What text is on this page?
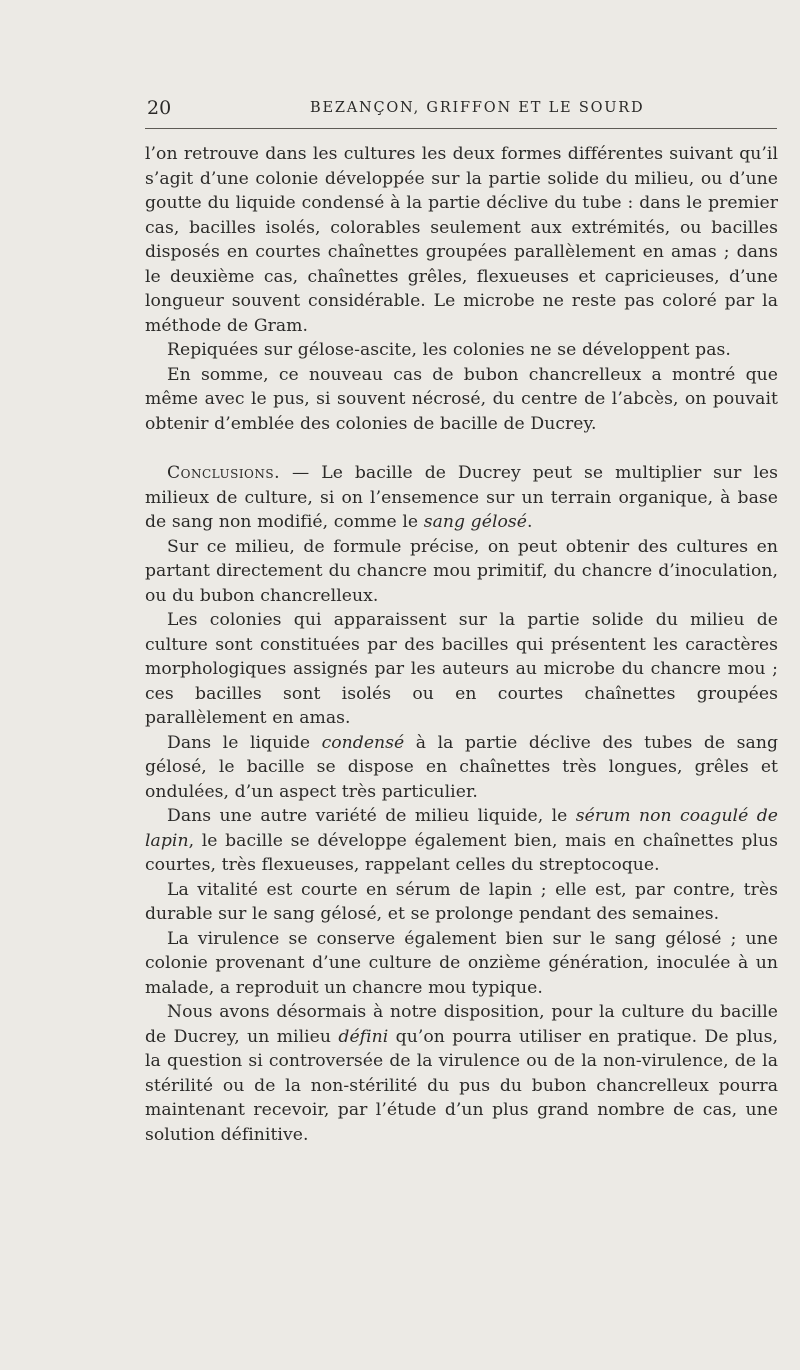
20	BEZANÇON, GRIFFON ET LE SOURD

l’on retrouve dans les cultures les deux formes différentes suivant qu’il s’agit d’une colonie développée sur la partie solide du milieu, ou d’une goutte du liquide condensé à la partie déclive du tube : dans le premier cas, bacilles isolés, colorables seulement aux extrémités, ou bacilles disposés en courtes chaînettes groupées parallèlement en amas ; dans le deuxième cas, chaînettes grêles, flexueuses et capricieuses, d’une longueur souvent considérable. Le microbe ne reste pas coloré par la méthode de Gram.

Repiquées sur gélose-ascite, les colonies ne se développent pas.

En somme, ce nouveau cas de bubon chancrelleux a montré que même avec le pus, si souvent nécrosé, du centre de l’abcès, on pouvait obtenir d’emblée des colonies de bacille de Ducrey.

Conclusions. — Le bacille de Ducrey peut se multiplier sur les milieux de culture, si on l’ensemence sur un terrain organique, à base de sang non modifié, comme le sang gélosé.

Sur ce milieu, de formule précise, on peut obtenir des cultures en partant directement du chancre mou primitif, du chancre d’inoculation, ou du bubon chancrelleux.

Les colonies qui apparaissent sur la partie solide du milieu de culture sont constituées par des bacilles qui présentent les caractères morphologiques assignés par les auteurs au microbe du chancre mou ; ces bacilles sont isolés ou en courtes chaînettes groupées parallèlement en amas.

Dans le liquide condensé à la partie déclive des tubes de sang gélosé, le bacille se dispose en chaînettes très longues, grêles et ondulées, d’un aspect très particulier.

Dans une autre variété de milieu liquide, le sérum non coagulé de lapin, le bacille se développe également bien, mais en chaînettes plus courtes, très flexueuses, rappelant celles du streptocoque.

La vitalité est courte en sérum de lapin ; elle est, par contre, très durable sur le sang gélosé, et se prolonge pendant des semaines.

La virulence se conserve également bien sur le sang gélosé ; une colonie provenant d’une culture de onzième génération, inoculée à un malade, a reproduit un chancre mou typique.

Nous avons désormais à notre disposition, pour la culture du bacille de Ducrey, un milieu défini qu’on pourra utiliser en pratique. De plus, la question si controversée de la virulence ou de la non-virulence, de la stérilité ou de la non-stérilité du pus du bubon chancrelleux pourra maintenant recevoir, par l’étude d’un plus grand nombre de cas, une solution définitive.
